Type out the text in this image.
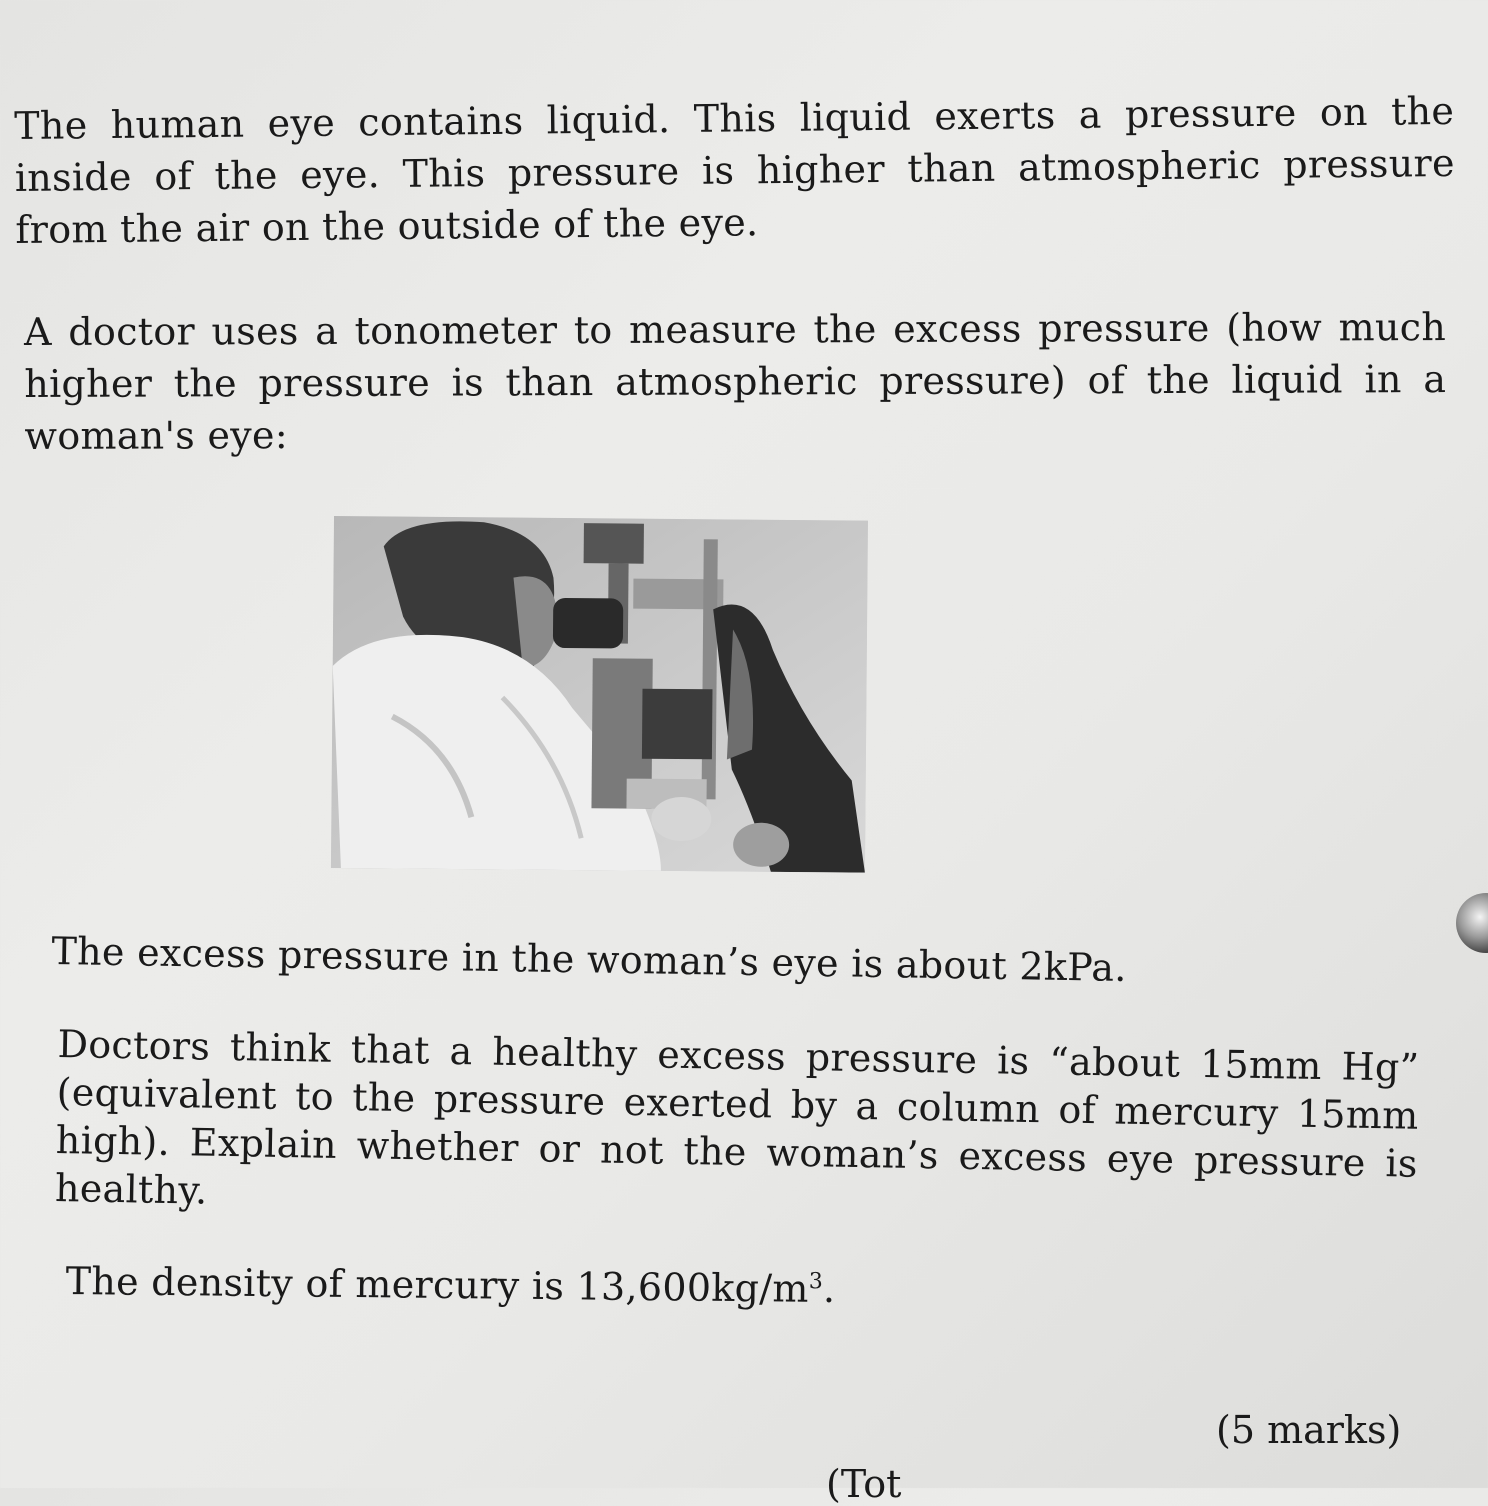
The human eye contains liquid. This liquid exerts a pressure on the inside of the eye. This pressure is higher than atmospheric pressure from the air on the outside of the eye.
A doctor uses a tonometer to measure the excess pressure (how much higher the pressure is than atmospheric pressure) of the liquid in a woman's eye:
The excess pressure in the woman’s eye is about 2kPa.
Doctors think that a healthy excess pressure is “about 15mm Hg” (equivalent to the pressure exerted by a column of mercury 15mm high). Explain whether or not the woman’s excess eye pressure is healthy.
The density of mercury is $13,600kg/m^3$.
(5 marks)
(Tot
